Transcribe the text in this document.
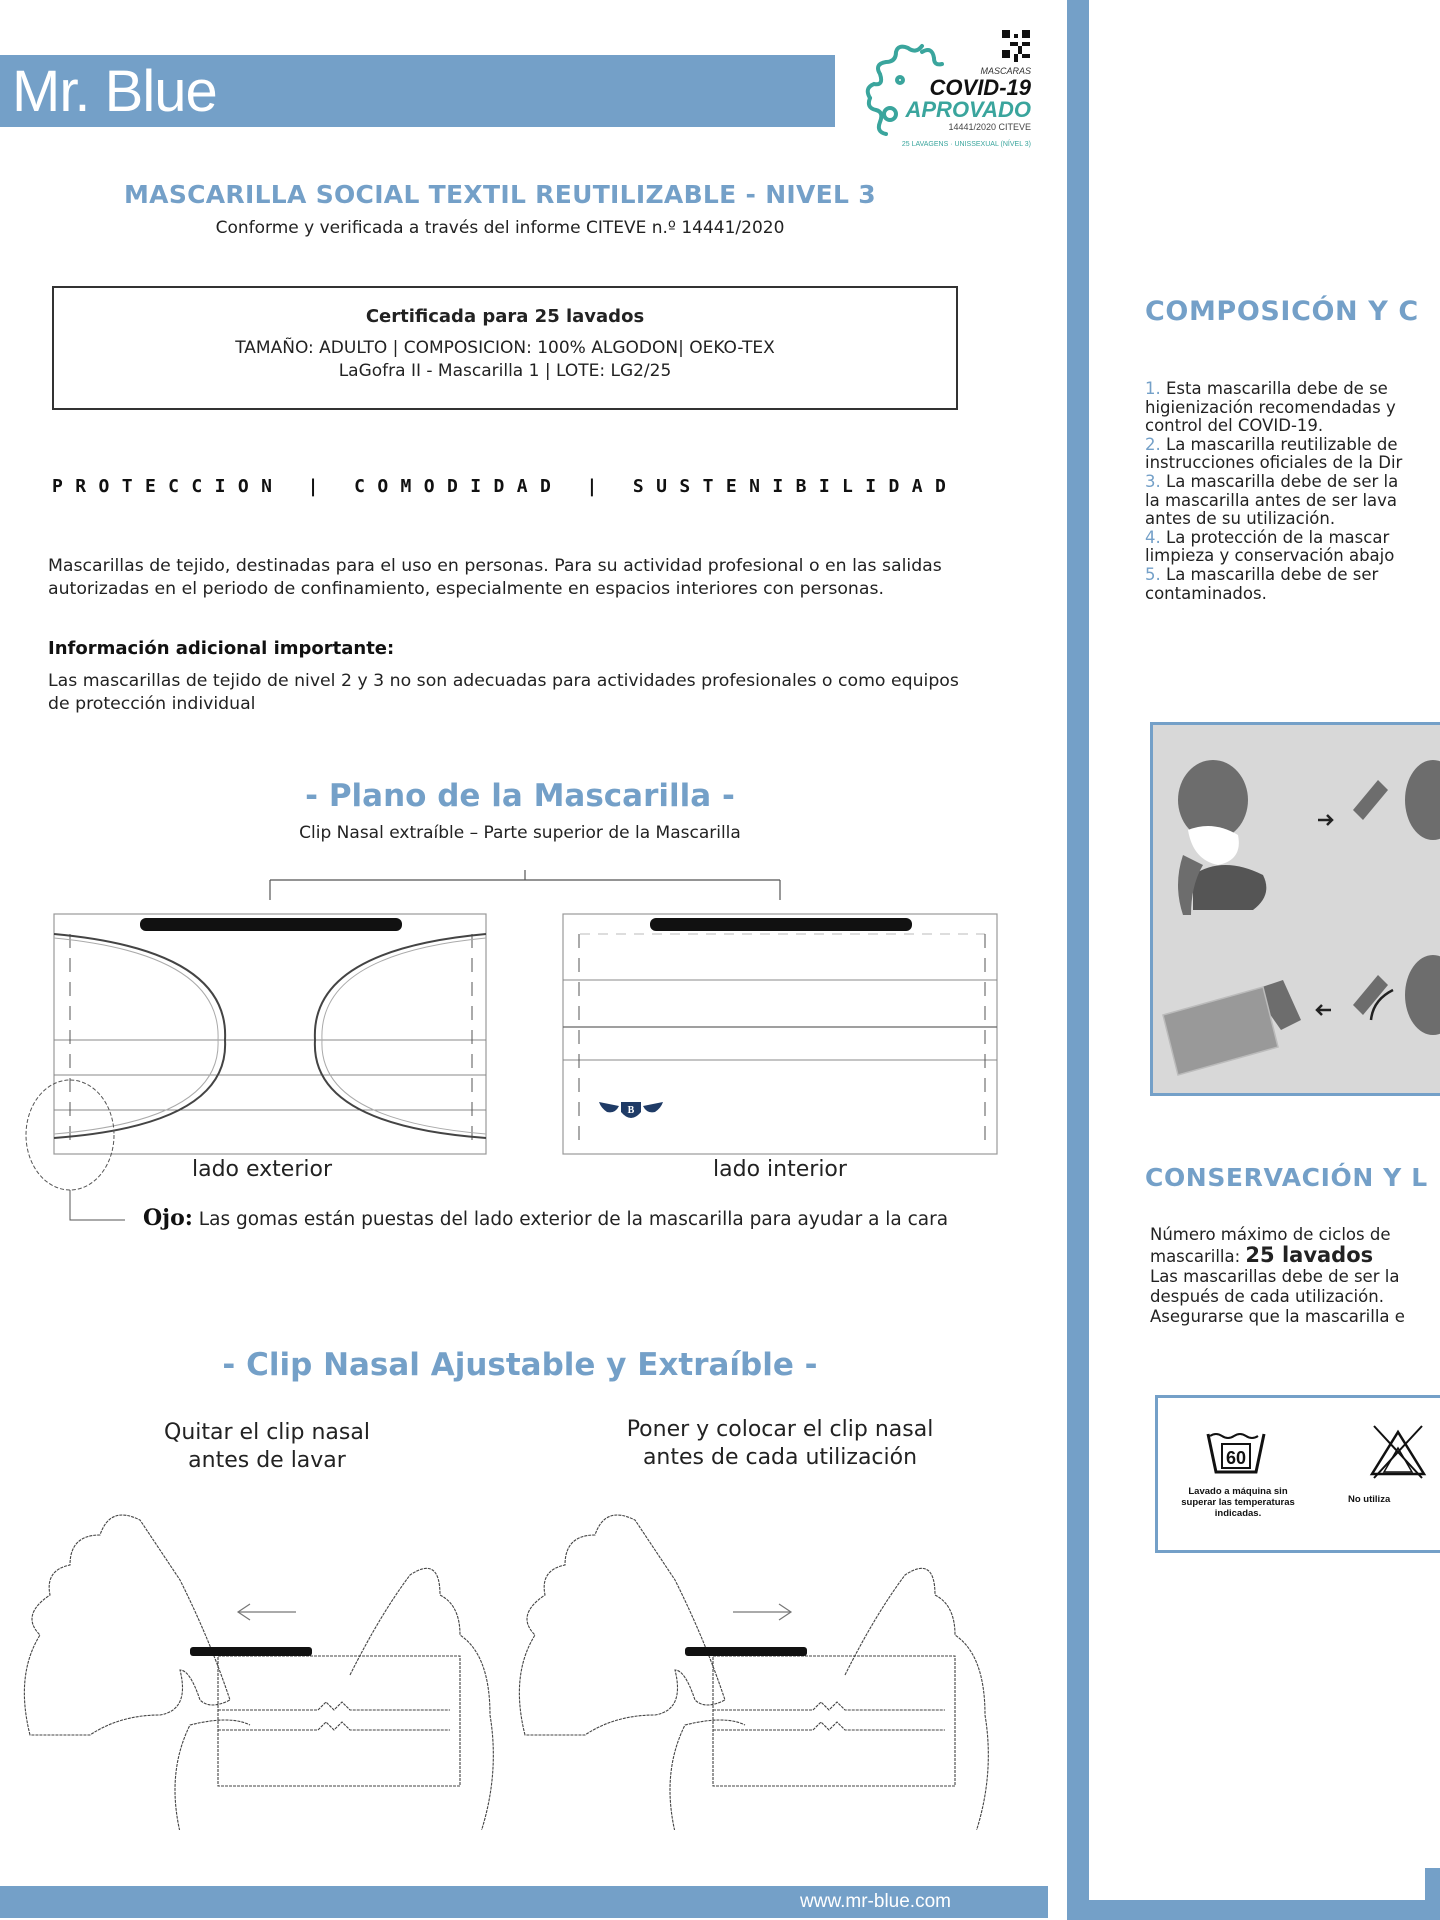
Mr. Blue	MASCARAS
COVID-19
APROVADO
14441/2020 CITEVE
25 LAVAGENS · UNISSEXUAL (NÍVEL 3)
MASCARILLA SOCIAL TEXTIL REUTILIZABLE - NIVEL 3
Conforme y verificada a través del informe CITEVE n.º 14441/2020
Certificada para 25 lavados
TAMAÑO: ADULTO | COMPOSICION: 100% ALGODON| OEKO-TEX
LaGofra II - Mascarilla 1 | LOTE: LG2/25
PROTECCION | COMODIDAD | SUSTENIBILIDAD
Mascarillas de tejido, destinadas para el uso en personas. Para su actividad profesional o en las salidas autorizadas en el periodo de confinamiento, especialmente en espacios interiores con personas.
Información adicional importante:
Las mascarillas de tejido de nivel 2 y 3 no son adecuadas para actividades profesionales o como equipos de protección individual
- Plano de la Mascarilla -
Clip Nasal extraíble – Parte superior de la Mascarilla
B
lado exterior	lado interior
Ojo: Las gomas están puestas del lado exterior de la mascarilla para ayudar a la cara
- Clip Nasal Ajustable y Extraíble -
Quitar el clip nasal
antes de lavar
Poner y colocar el clip nasal
antes de cada utilización
www.mr-blue.com
COMPOSICÓN Y C
1. Esta mascarilla debe de se
higienización recomendadas y
control del COVID-19.
2. La mascarilla reutilizable de
instrucciones oficiales de la Dir
3. La mascarilla debe de ser la
la mascarilla antes de ser lava
antes de su utilización.
4. La protección de la mascar
limpieza y conservación abajo
5. La mascarilla debe de ser
contaminados.
CONSERVACIÓN Y L
Número máximo de ciclos de
mascarilla: 25 lavados
Las mascarillas debe de ser la
después de cada utilización.
Asegurarse que la mascarilla e
60
Lavado a máquina sin
superar las temperaturas
indicadas.
No utiliza
